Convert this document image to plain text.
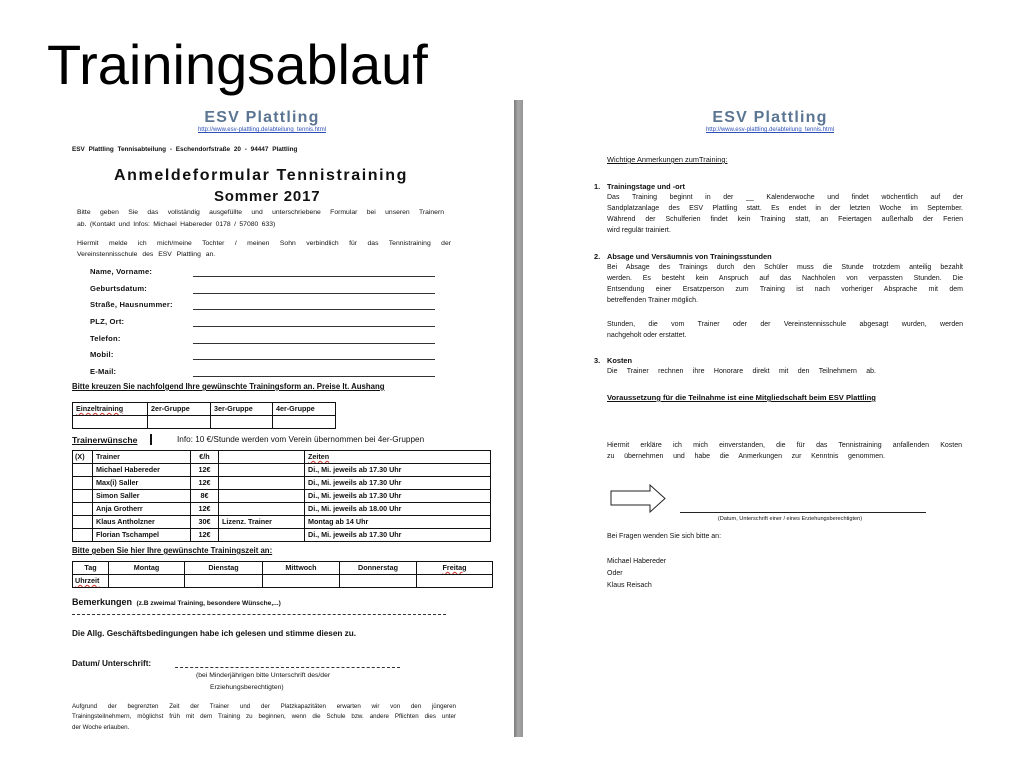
Trainingsablauf
ESV Plattling
http://www.esv-plattling.de/abteilung_tennis.html
ESV Plattling Tennisabteilung - Eschendorfstraße 20 - 94447 Plattling
Anmeldeformular Tennistraining
Sommer 2017
Bitte geben Sie das vollständig ausgefüllte und unterschriebene Formular bei unseren Trainern
ab. (Kontakt und Infos: Michael Habereder 0178 / 57080 633)
Hiermit melde ich mich/meine Tochter / meinen Sohn verbindlich für das Tennistraining der
Vereinstennisschule des ESV Plattling an.
Name, Vorname:
Geburtsdatum:
Straße, Hausnummer:
PLZ, Ort:
Telefon:
Mobil:
E-Mail:
Bitte kreuzen Sie nachfolgend Ihre gewünschte Trainingsform an. Preise lt. Aushang
Einzeltraining	2er-Gruppe	3er-Gruppe	4er-Gruppe

Trainerwünsche	Info: 10 €/Stunde werden vom Verein übernommen bei 4er-Gruppen
(X)	Trainer	€/h		Zeiten
	Michael Habereder	12€		Di., Mi. jeweils ab 17.30 Uhr
	Max(i) Saller	12€		Di., Mi. jeweils ab 17.30 Uhr
	Simon Saller	8€		Di., Mi. jeweils ab 17.30 Uhr
	Anja Grotherr	12€		Di., Mi. jeweils ab 18.00 Uhr
	Klaus Antholzner	30€	Lizenz. Trainer	Montag ab 14 Uhr
	Florian Tschampel	12€		Di., Mi. jeweils ab 17.30 Uhr
Bitte geben Sie hier Ihre gewünschte Trainingszeit an:
Tag	Montag	Dienstag	Mittwoch	Donnerstag	Freitag
Uhrzeit					
Bemerkungen (z.B zweimal Training, besondere Wünsche,...)
Die Allg. Geschäftsbedingungen habe ich gelesen und stimme diesen zu.
Datum/ Unterschrift:
(bei Minderjährigen bitte Unterschrift des/der
Erziehungsberechtigten)
Aufgrund der begrenzten Zeit der Trainer und der Platzkapazitäten erwarten wir von den jüngeren
Trainingsteilnehmern, möglichst früh mit dem Training zu beginnen, wenn die Schule bzw. andere Pflichten dies unter
der Woche erlauben.
ESV Plattling
http://www.esv-plattling.de/abteilung_tennis.html
Wichtige Anmerkungen zumTraining:
1. Trainingstage und -ort
Das Training beginnt in der __ Kalenderwoche und findet wöchentlich auf der
Sandplatzanlage des ESV Plattling statt. Es endet in der letzten Woche im September.
Während der Schulferien findet kein Training statt, an Feiertagen außerhalb der Ferien
wird regulär trainiert.
2. Absage und Versäumnis von Trainingsstunden
Bei Absage des Trainings durch den Schüler muss die Stunde trotzdem anteilig bezahlt
werden. Es besteht kein Anspruch auf das Nachholen von verpassten Stunden. Die
Entsendung einer Ersatzperson zum Training ist nach vorheriger Absprache mit dem
betreffenden Trainer möglich.
Stunden, die vom Trainer oder der Vereinstennisschule abgesagt wurden, werden
nachgeholt oder erstattet.
3. Kosten
Die Trainer rechnen ihre Honorare direkt mit den Teilnehmern ab.
Voraussetzung für die Teilnahme ist eine Mitgliedschaft beim ESV Plattling
Hiermit erkläre ich mich einverstanden, die für das Tennistraining anfallenden Kosten
zu übernehmen und habe die Anmerkungen zur Kenntnis genommen.
(Datum, Unterschrift einer / eines Erziehungsberechtigten)
Bei Fragen wenden Sie sich bitte an:
Michael Habereder
Oder
Klaus Reisach
